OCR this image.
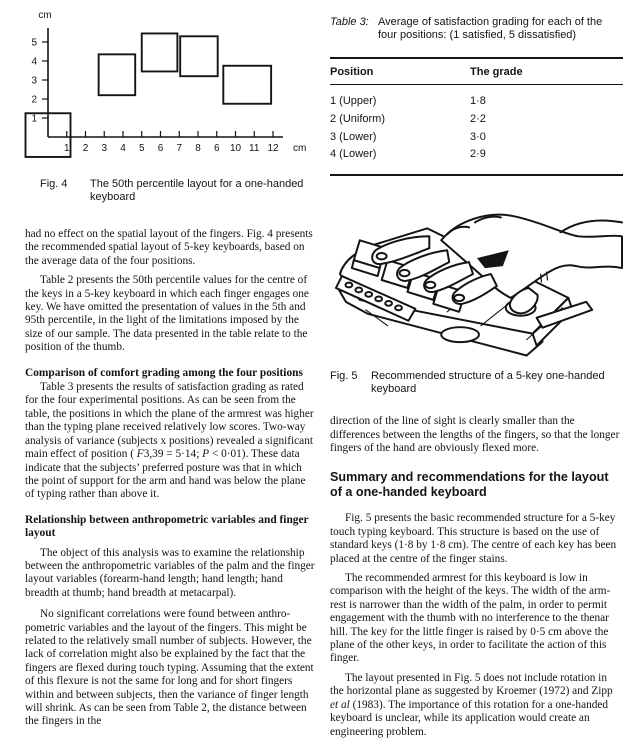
1 2 3 4 5 6 7 8 6 10 11 12
1
2
3
4
5
cm
cm
Fig. 4	The 50th percentile layout for a one-handed keyboard

had no effect on the spatial layout of the fingers. Fig. 4 presents the recommended spatial layout of 5-key keyboards, based on the average data of the four positions.

Table 2 presents the 50th percentile values for the centre of the keys in a 5-key keyboard in which each finger engages one key. We have omitted the presentation of values in the 5th and 95th percentile, in the light of the limitations imposed by the size of our sample. The data presented in the table relate to the position of the thumb.

Comparison of comfort grading among the four positions

Table 3 presents the results of satisfaction grading as rated for the four experimental positions. As can be seen from the table, the positions in which the plane of the armrest was higher than the typing plane received relatively low scores. Two-way analysis of variance (subjects x positions) revealed a significant main effect of position ( F3,39 = 5·14; P < 0·01). These data indicate that the subjects’ preferred posture was that in which the point of support for the arm and hand was below the plane of typing rather than above it.

Relationship between anthropometric variables and finger layout

The object of this analysis was to examine the relationship between the anthropometric variables of the palm and the finger layout variables (forearm-hand length; hand length; hand breadth at thumb; hand breadth at metacarpal).

No significant correlations were found between anthro-pometric variables and the layout of the fingers. This might be related to the relatively small number of subjects. However, the lack of correlation might also be explained by the fact that the fingers are flexed during touch typing. Assuming that the extent of this flexure is not the same for long and for short fingers within and between subjects, then the variance of finger length will shrink. As can be seen from Table 2, the distance between the fingers in the

Table 3: Average of satisfaction grading for each of the four positions: (1 satisfied, 5 dissatisfied)
Position	The grade
1 (Upper)	1·8
2 (Uniform)	2·2
3 (Lower)	3·0
4 (Lower)	2·9
Fig. 5	Recommended structure of a 5-key one-handed keyboard

direction of the line of sight is clearly smaller than the differences between the lengths of the fingers, so that the longer fingers of the hand are obviously flexed more.

Summary and recommendations for the layout of a one-handed keyboard

Fig. 5 presents the basic recommended structure for a 5-key touch typing keyboard. This structure is based on the use of standard keys (1·8 by 1·8 cm). The centre of each key has been placed at the centre of the finger stains.

The recommended armrest for this keyboard is low in comparison with the height of the keys. The width of the arm-rest is narrower than the width of the palm, in order to permit engagement with the thumb with no interference to the thenar hill. The key for the little finger is raised by 0·5 cm above the plane of the other keys, in order to facilitate the action of this finger.

The layout presented in Fig. 5 does not include rotation in the horizontal plane as suggested by Kroemer (1972) and Zipp et al (1983). The importance of this rotation for a one-handed keyboard is unclear, while its application would create an engineering problem.
